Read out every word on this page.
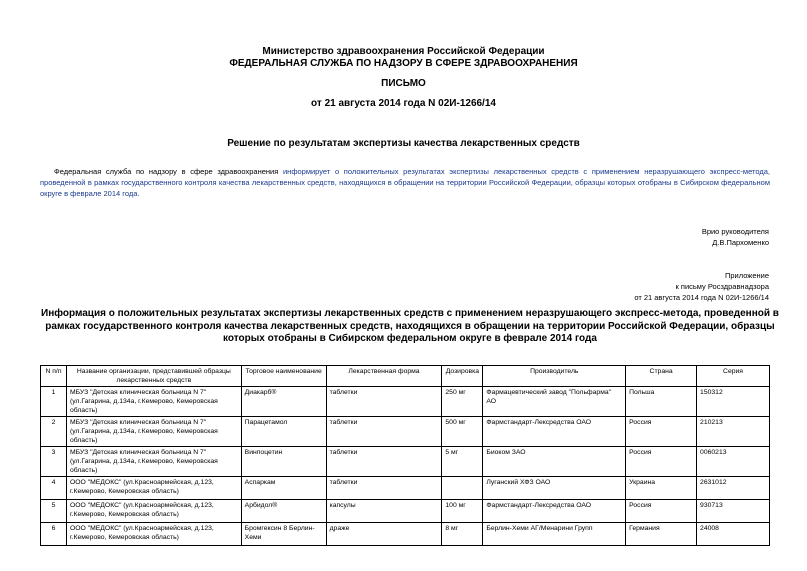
Министерство здравоохранения Российской Федерации
ФЕДЕРАЛЬНАЯ СЛУЖБА ПО НАДЗОРУ В СФЕРЕ ЗДРАВООХРАНЕНИЯ
ПИСЬМО
от 21 августа 2014 года N 02И-1266/14
Решение по результатам экспертизы качества лекарственных средств
Федеральная служба по надзору в сфере здравоохранения информирует о положительных результатах экспертизы лекарственных средств с применением неразрушающего экспресс-метода, проведенной в рамках государственного контроля качества лекарственных средств, находящихся в обращении на территории Российской Федерации, образцы которых отобраны в Сибирском федеральном округе в феврале 2014 года.
Врио руководителя
Д.В.Пархоменко
Приложение
к письму Росздравнадзора
от 21 августа 2014 года N 02И-1266/14
Информация о положительных результатах экспертизы лекарственных средств с применением неразрушающего экспресс-метода, проведенной в рамках государственного контроля качества лекарственных средств, находящихся в обращении на территории Российской Федерации, образцы которых отобраны в Сибирском федеральном округе в феврале 2014 года
N п/п	Название организации, представившей образцы лекарственных средств	Торговое наименование	Лекарственная форма	Дозировка	Производитель	Страна	Серия
1	МБУЗ "Детская клиническая больница N 7" (ул.Гагарина, д.134а, г.Кемерово, Кемеровская область)	Диакарб®	таблетки	250 мг	Фармацевтический завод "Польфарма" АО	Польша	150312
2	МБУЗ "Детская клиническая больница N 7" (ул.Гагарина, д.134а, г.Кемерово, Кемеровская область)	Парацетамол	таблетки	500 мг	Фармстандарт-Лексредства ОАО	Россия	210213
3	МБУЗ "Детская клиническая больница N 7" (ул.Гагарина, д.134а, г.Кемерово, Кемеровская область)	Винпоцетин	таблетки	5 мг	Биоком ЗАО	Россия	0060213
4	ООО "МЕДОКС" (ул.Красноармейская, д.123, г.Кемерово, Кемеровская область)	Аспаркам	таблетки		Луганский ХФЗ ОАО	Украина	2631012
5	ООО "МЕДОКС" (ул.Красноармейская, д.123, г.Кемерово, Кемеровская область)	Арбидол®	капсулы	100 мг	Фармстандарт-Лексредства ОАО	Россия	930713
6	ООО "МЕДОКС" (ул.Красноармейская, д.123, г.Кемерово, Кемеровская область)	Бромгексин 8 Берлин-Хеми	драже	8 мг	Берлин-Хеми АГ/Менарини Групп	Германия	24008
